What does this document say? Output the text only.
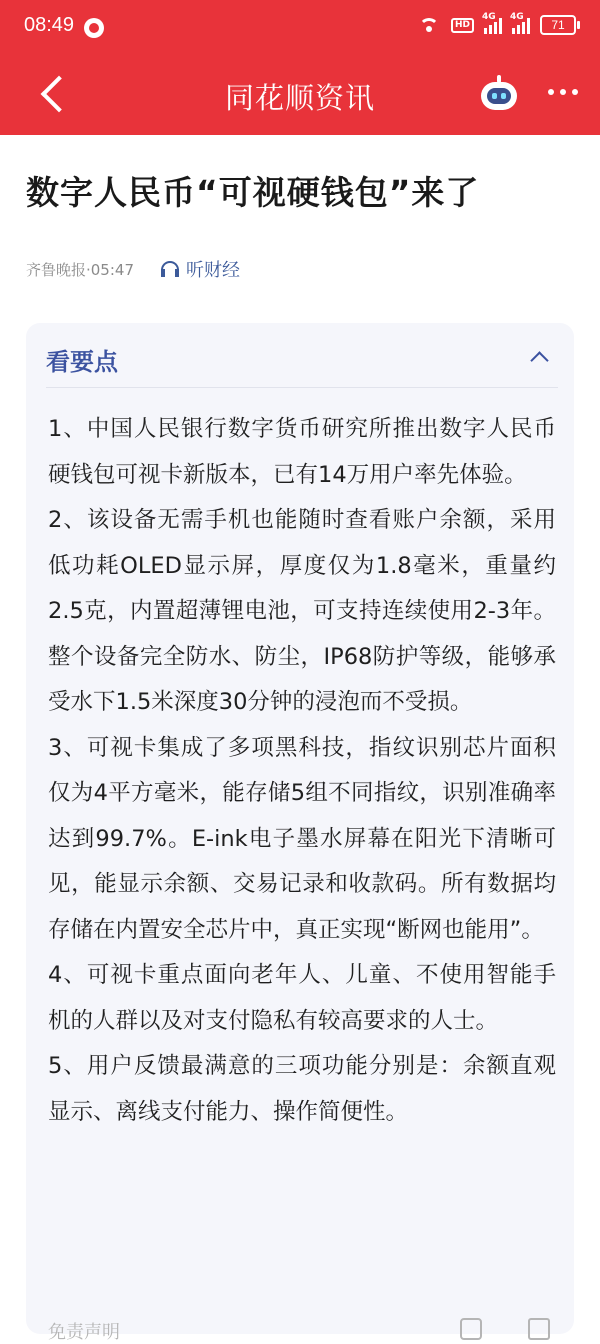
08:49	HD
4G 4G
71
同花顺资讯
数字人民币“可视硬钱包”来了
齐鲁晚报·05:47	听财经
看要点

1、中国人民银行数字货币研究所推出数字人民币硬钱包可视卡新版本，已有14万用户率先体验。

2、该设备无需手机也能随时查看账户余额，采用低功耗OLED显示屏，厚度仅为1.8毫米，重量约2.5克，内置超薄锂电池，可支持连续使用2-3年。整个设备完全防水、防尘，IP68防护等级，能够承受水下1.5米深度30分钟的浸泡而不受损。

3、可视卡集成了多项黑科技，指纹识别芯片面积仅为4平方毫米，能存储5组不同指纹，识别准确率达到99.7%。E-ink电子墨水屏幕在阳光下清晰可见，能显示余额、交易记录和收款码。所有数据均存储在内置安全芯片中，真正实现“断网也能用”。

4、可视卡重点面向老年人、儿童、不使用智能手机的人群以及对支付隐私有较高要求的人士。

5、用户反馈最满意的三项功能分别是：余额直观显示、离线支付能力、操作简便性。

免责声明
